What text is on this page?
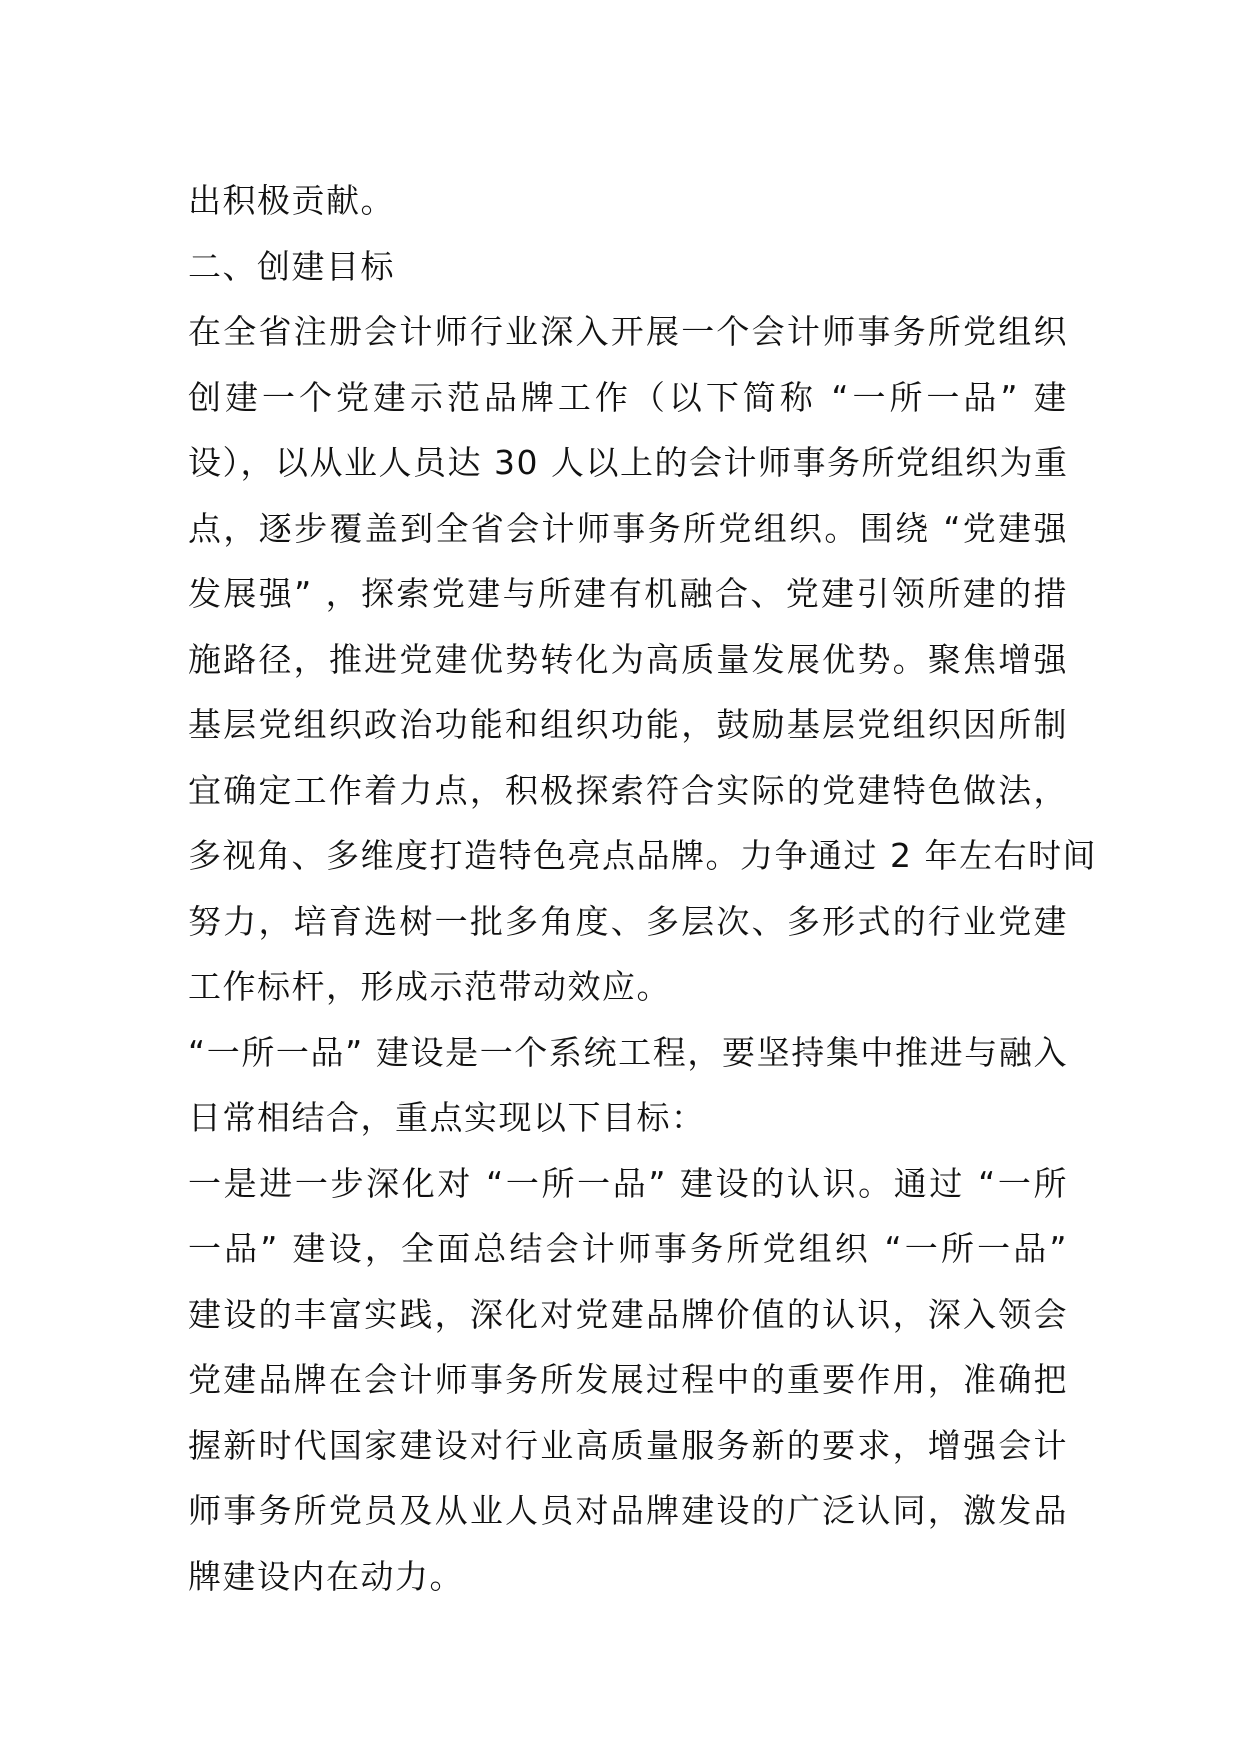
出积极贡献。
二、创建目标
在全省注册会计师行业深入开展一个会计师事务所党组织
创建一个党建示范品牌工作（以下简称 “一所一品” 建
设），以从业人员达 30 人以上的会计师事务所党组织为重
点，逐步覆盖到全省会计师事务所党组织。围绕 “党建强
发展强” ，探索党建与所建有机融合、党建引领所建的措
施路径，推进党建优势转化为高质量发展优势。聚焦增强
基层党组织政治功能和组织功能，鼓励基层党组织因所制
宜确定工作着力点，积极探索符合实际的党建特色做法，
多视角、多维度打造特色亮点品牌。力争通过 2 年左右时间
努力，培育选树一批多角度、多层次、多形式的行业党建
工作标杆，形成示范带动效应。
“一所一品” 建设是一个系统工程，要坚持集中推进与融入
日常相结合，重点实现以下目标：
一是进一步深化对 “一所一品” 建设的认识。通过 “一所
一品” 建设，全面总结会计师事务所党组织 “一所一品”
建设的丰富实践，深化对党建品牌价值的认识，深入领会
党建品牌在会计师事务所发展过程中的重要作用，准确把
握新时代国家建设对行业高质量服务新的要求，增强会计
师事务所党员及从业人员对品牌建设的广泛认同，激发品
牌建设内在动力。
